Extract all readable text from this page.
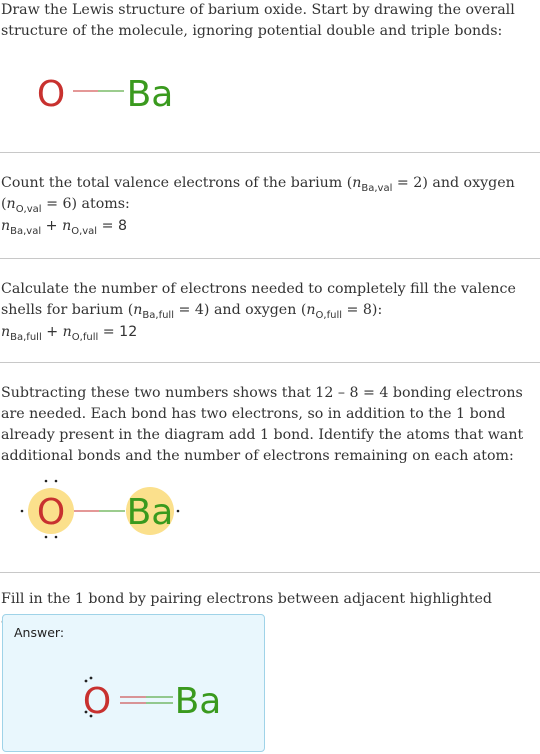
Draw the Lewis structure of barium oxide. Start by drawing the overall structure of the molecule, ignoring potential double and triple bonds:

O Ba

Count the total valence electrons of the barium $(n_{Ba,val} = 2)$ and oxygen $(n_{O,val} = 6)$ atoms:

$n_{Ba,val} + n_{O,val} = 8$

Calculate the number of electrons needed to completely fill the valence shells for barium $(n_{Ba,full} = 4)$ and oxygen $(n_{O,full} = 8)$:

$n_{Ba,full} + n_{O,full} = 12$

Subtracting these two numbers shows that 12 – 8 = 4 bonding electrons are needed. Each bond has two electrons, so in addition to the 1 bond already present in the diagram add 1 bond. Identify the atoms that want additional bonds and the number of electrons remaining on each atom:

O Ba

Fill in the 1 bond by pairing electrons between adjacent highlighted

Answer:
O Ba
